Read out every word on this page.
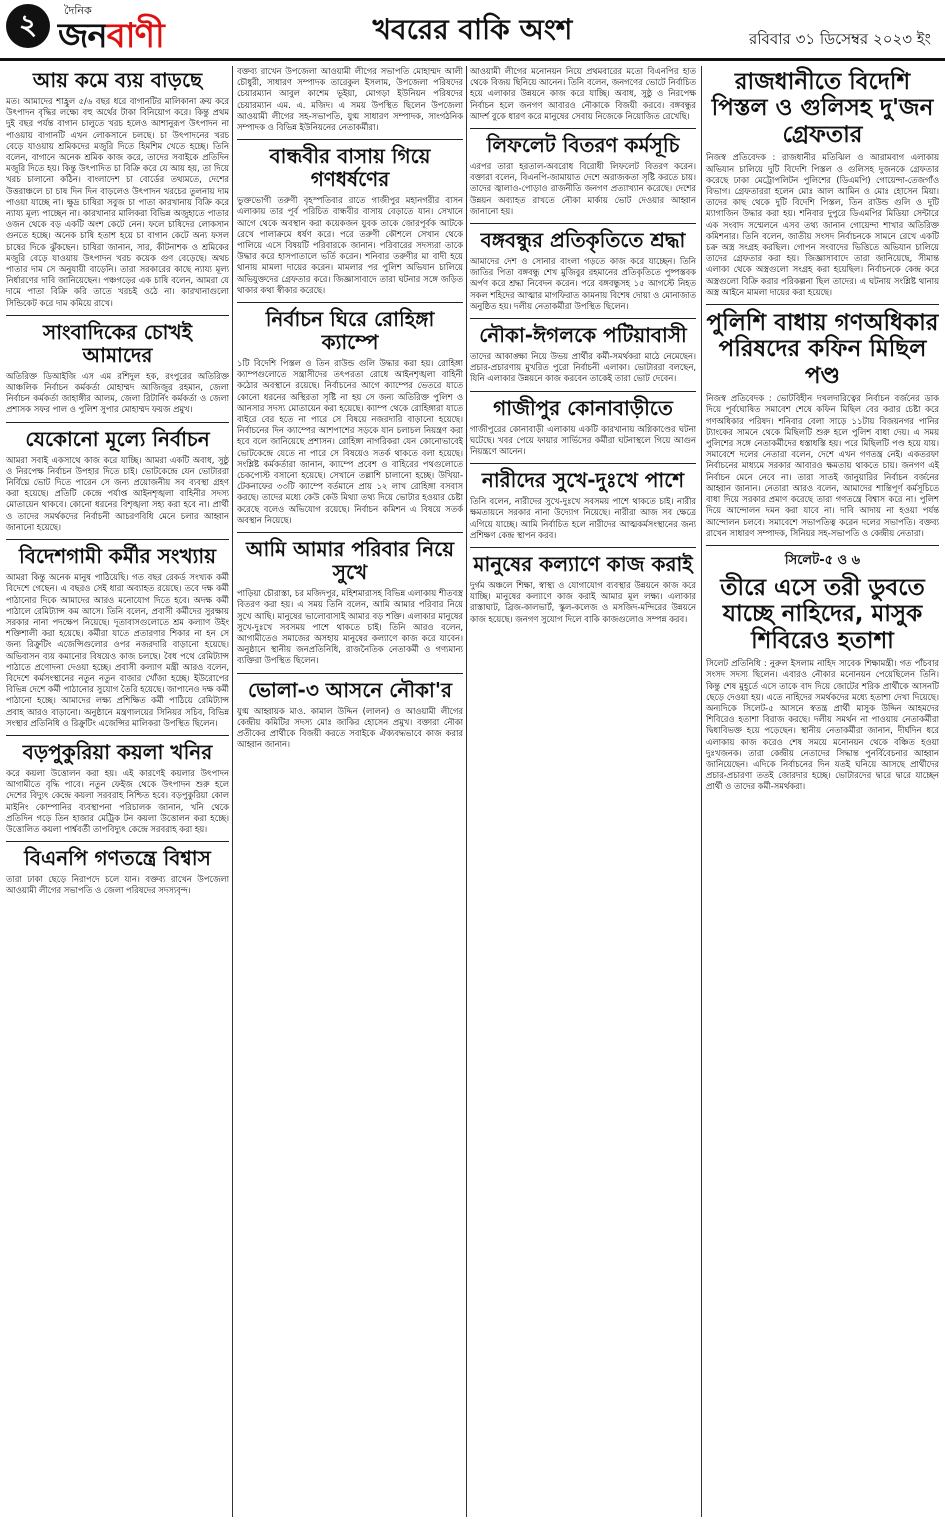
২	দৈনিক
জনবাণী	খবরের বাকি অংশ	রবিবার ৩১ ডিসেম্বর ২০২৩ ইং
আয় কমে ব্যয় বাড়ছে

মত। আমাদের শাহ্রুল ৫/৬ বছর ধরে বাগানটির মালিকানা ক্রয় করে উৎপাদন বৃদ্ধির লক্ষ্যে বহু অর্থের টাকা বিনিয়োগ করে। কিন্তু প্রথম দুই বছর পর্যন্ত বাগান চালুতে খরচ হলেও আশানুরূপ উৎপাদন না পাওয়ায় বাগানটি এখন লোকসানে চলছে। চা উৎপাদনের খরচ বেড়ে যাওয়ায় শ্রমিকদের মজুরি দিতে হিমশিম খেতে হচ্ছে। তিনি বলেন, বাগানে অনেক শ্রমিক কাজ করে, তাদের সবাইকে প্রতিদিন মজুরি দিতে হয়। কিন্তু উৎপাদিত চা বিক্রি করে যে আয় হয়, তা দিয়ে খরচ চালানো কঠিন। বাংলাদেশ চা বোর্ডের তথ্যমতে, দেশের উত্তরাঞ্চলে চা চাষ দিন দিন বাড়লেও উৎপাদন খরচের তুলনায় দাম পাওয়া যাচ্ছে না। ক্ষুদ্র চাষিরা সবুজ চা পাতা কারখানায় বিক্রি করে ন্যায্য মূল্য পাচ্ছেন না। কারখানার মালিকরা বিভিন্ন অজুহাতে পাতার ওজন থেকে বড় একটি অংশ কেটে নেন। ফলে চাষিদের লোকসান গুনতে হচ্ছে। অনেক চাষি হতাশ হয়ে চা বাগান কেটে অন্য ফসল চাষের দিকে ঝুঁকছেন। চাষিরা জানান, সার, কীটনাশক ও শ্রমিকের মজুরি বেড়ে যাওয়ায় উৎপাদন খরচ কয়েক গুণ বেড়েছে। অথচ পাতার দাম সে অনুযায়ী বাড়েনি। তারা সরকারের কাছে ন্যায্য মূল্য নির্ধারণের দাবি জানিয়েছেন। পঞ্চগড়ের এক চাষি বলেন, আমরা যে দামে পাতা বিক্রি করি তাতে খরচই ওঠে না। কারখানাগুলো সিন্ডিকেট করে দাম কমিয়ে রাখে।

সাংবাদিকের চোখই আমাদের

অতিরিক্ত ডিআইজি এস এম রশিদুল হক, রংপুরের অতিরিক্ত আঞ্চলিক নির্বাচন কর্মকর্তা মোহাম্মদ আজিজুর রহমান, জেলা নির্বাচন কর্মকর্তা জাহাঙ্গীর আলম, জেলা রিটার্নিং কর্মকর্তা ও জেলা প্রশাসক সফর পাল ও পুলিশ সুপার মোহাম্মদ ফয়জ প্রমুখ।

যেকোনো মূল্যে নির্বাচন

আমরা সবাই একসাথে কাজ করে যাচ্ছি। আমরা একটি অবাধ, সুষ্ঠু ও নিরপেক্ষ নির্বাচন উপহার দিতে চাই। ভোটকেন্দ্রে যেন ভোটাররা নির্বিঘ্নে ভোট দিতে পারেন সে জন্য প্রয়োজনীয় সব ব্যবস্থা গ্রহণ করা হয়েছে। প্রতিটি কেন্দ্রে পর্যাপ্ত আইনশৃঙ্খলা বাহিনীর সদস্য মোতায়েন থাকবে। কোনো ধরনের বিশৃঙ্খলা সহ্য করা হবে না। প্রার্থী ও তাদের সমর্থকদের নির্বাচনী আচরণবিধি মেনে চলার আহ্বান জানানো হয়েছে।

বিদেশগামী কর্মীর সংখ্যায়

আমরা কিন্তু অনেক মানুষ পাঠিয়েছি। গত বছর রেকর্ড সংখ্যক কর্মী বিদেশে গেছেন। এ বছরও সেই ধারা অব্যাহত রয়েছে। তবে দক্ষ কর্মী পাঠানোর দিকে আমাদের আরও মনোযোগ দিতে হবে। অদক্ষ কর্মী পাঠালে রেমিট্যান্স কম আসে। তিনি বলেন, প্রবাসী কর্মীদের সুরক্ষায় সরকার নানা পদক্ষেপ নিয়েছে। দূতাবাসগুলোতে শ্রম কল্যাণ উইং শক্তিশালী করা হয়েছে। কর্মীরা যাতে প্রতারণার শিকার না হন সে জন্য রিক্রুটিং এজেন্সিগুলোর ওপর নজরদারি বাড়ানো হয়েছে। অভিবাসন ব্যয় কমানোর বিষয়েও কাজ চলছে। বৈধ পথে রেমিট্যান্স পাঠাতে প্রণোদনা দেওয়া হচ্ছে। প্রবাসী কল্যাণ মন্ত্রী আরও বলেন, বিদেশে কর্মসংস্থানের নতুন নতুন বাজার খোঁজা হচ্ছে। ইউরোপের বিভিন্ন দেশে কর্মী পাঠানোর সুযোগ তৈরি হয়েছে। জাপানেও দক্ষ কর্মী পাঠানো হচ্ছে। আমাদের লক্ষ্য প্রশিক্ষিত কর্মী পাঠিয়ে রেমিট্যান্স প্রবাহ আরও বাড়ানো। অনুষ্ঠানে মন্ত্রণালয়ের সিনিয়র সচিব, বিভিন্ন সংস্থার প্রতিনিধি ও রিক্রুটিং এজেন্সির মালিকরা উপস্থিত ছিলেন।

বড়পুকুরিয়া কয়লা খনির

করে কয়লা উত্তোলন করা হয়। এই কারণেই কয়লার উৎপাদন আগামীতে বৃদ্ধি পাবে। নতুন ফেইজ থেকে উৎপাদন শুরু হলে দেশের বিদ্যুৎ কেন্দ্রে কয়লা সরবরাহ নিশ্চিত হবে। বড়পুকুরিয়া কোল মাইনিং কোম্পানির ব্যবস্থাপনা পরিচালক জানান, খনি থেকে প্রতিদিন গড়ে তিন হাজার মেট্রিক টন কয়লা উত্তোলন করা হচ্ছে। উত্তোলিত কয়লা পার্শ্ববর্তী তাপবিদ্যুৎ কেন্দ্রে সরবরাহ করা হয়।

বিএনপি গণতন্ত্রে বিশ্বাস

তারা ঢাকা ছেড়ে নিরাপদে চলে যান। বক্তব্য রাখেন উপজেলা আওয়ামী লীগের সভাপতি ও জেলা পরিষদের সদস্যবৃন্দ।

বক্তব্য রাখেন উপজেলা আওয়ামী লীগের সভাপতি মোহাম্মদ আলী চৌধুরী, সাধারণ সম্পাদক তারেকুল ইসলাম, উপজেলা পরিষদের চেয়ারম্যান আবুল কাশেম ভূইয়া, মোগড়া ইউনিয়ন পরিষদের চেয়ারম্যান এম. এ. মজিদ। এ সময় উপস্থিত ছিলেন উপজেলা আওয়ামী লীগের সহ-সভাপতি, যুগ্ম সাধারণ সম্পাদক, সাংগঠনিক সম্পাদক ও বিভিন্ন ইউনিয়নের নেতাকর্মীরা।

বান্ধবীর বাসায় গিয়ে গণধর্ষণের

ভুক্তভোগী তরুণী বৃহস্পতিবার রাতে গাজীপুর মহানগরীর বাসন এলাকায় তার পূর্ব পরিচিত বান্ধবীর বাসায় বেড়াতে যান। সেখানে আগে থেকে অবস্থান করা কয়েকজন যুবক তাকে জোরপূর্বক আটকে রেখে পালাক্রমে ধর্ষণ করে। পরে তরুণী কৌশলে সেখান থেকে পালিয়ে এসে বিষয়টি পরিবারকে জানান। পরিবারের সদস্যরা তাকে উদ্ধার করে হাসপাতালে ভর্তি করেন। শনিবার তরুণীর মা বাদী হয়ে থানায় মামলা দায়ের করেন। মামলার পর পুলিশ অভিযান চালিয়ে অভিযুক্তদের গ্রেফতার করে। জিজ্ঞাসাবাদে তারা ঘটনার সঙ্গে জড়িত থাকার কথা স্বীকার করেছে।

নির্বাচন ঘিরে রোহিঙ্গা ক্যাম্পে

১টি বিদেশি পিস্তল ও তিন রাউন্ড গুলি উদ্ধার করা হয়। রোহিঙ্গা ক্যাম্পগুলোতে সন্ত্রাসীদের তৎপরতা রোধে আইনশৃঙ্খলা বাহিনী কঠোর অবস্থানে রয়েছে। নির্বাচনের আগে ক্যাম্পের ভেতরে যাতে কোনো ধরনের অস্থিরতা সৃষ্টি না হয় সে জন্য অতিরিক্ত পুলিশ ও আনসার সদস্য মোতায়েন করা হয়েছে। ক্যাম্প থেকে রোহিঙ্গারা যাতে বাইরে বের হতে না পারে সে বিষয়ে নজরদারি বাড়ানো হয়েছে। নির্বাচনের দিন ক্যাম্পের আশপাশের সড়কে যান চলাচল নিয়ন্ত্রণ করা হবে বলে জানিয়েছে প্রশাসন। রোহিঙ্গা নাগরিকরা যেন কোনোভাবেই ভোটকেন্দ্রে যেতে না পারে সে বিষয়েও সতর্ক থাকতে বলা হয়েছে। সংশ্লিষ্ট কর্মকর্তারা জানান, ক্যাম্পে প্রবেশ ও বাহিরের পথগুলোতে চেকপোস্ট বসানো হয়েছে। সেখানে তল্লাশি চালানো হচ্ছে। উখিয়া-টেকনাফের ৩৩টি ক্যাম্পে বর্তমানে প্রায় ১২ লাখ রোহিঙ্গা বসবাস করছে। তাদের মধ্যে কেউ কেউ মিথ্যা তথ্য দিয়ে ভোটার হওয়ার চেষ্টা করেছে বলেও অভিযোগ রয়েছে। নির্বাচন কমিশন এ বিষয়ে সতর্ক অবস্থান নিয়েছে।

আমি আমার পরিবার নিয়ে সুখে

পাড়িয়া চৌরাস্তা, চর মজিদপুর, মহিশমারাসহ বিভিন্ন এলাকায় শীতবস্ত্র বিতরণ করা হয়। এ সময় তিনি বলেন, আমি আমার পরিবার নিয়ে সুখে আছি। মানুষের ভালোবাসাই আমার বড় শক্তি। এলাকার মানুষের সুখে-দুঃখে সবসময় পাশে থাকতে চাই। তিনি আরও বলেন, আগামীতেও সমাজের অসহায় মানুষের কল্যাণে কাজ করে যাবেন। অনুষ্ঠানে স্থানীয় জনপ্রতিনিধি, রাজনৈতিক নেতাকর্মী ও গণ্যমান্য ব্যক্তিরা উপস্থিত ছিলেন।

ভোলা-৩ আসনে নৌকা'র

যুগ্ম আহ্বায়ক মাও. কামাল উদ্দিন (লালন) ও আওয়ামী লীগের কেন্দ্রীয় কমিটির সদস্য মোঃ জাকির হোসেন প্রমুখ। বক্তারা নৌকা প্রতীকের প্রার্থীকে বিজয়ী করতে সবাইকে ঐক্যবদ্ধভাবে কাজ করার আহ্বান জানান।

আওয়ামী লীগের মনোনয়ন নিয়ে প্রথমবারের মতো বিএনপির হাত থেকে বিজয় ছিনিয়ে আনেন। তিনি বলেন, জনগণের ভোটে নির্বাচিত হয়ে এলাকার উন্নয়নে কাজ করে যাচ্ছি। অবাধ, সুষ্ঠু ও নিরপেক্ষ নির্বাচন হলে জনগণ আবারও নৌকাকে বিজয়ী করবে। বঙ্গবন্ধুর আদর্শ বুকে ধারণ করে মানুষের সেবায় নিজেকে নিয়োজিত রেখেছি।

লিফলেট বিতরণ কর্মসূচি

এরপর তারা হরতাল-অবরোধ বিরোধী লিফলেট বিতরণ করেন। বক্তারা বলেন, বিএনপি-জামায়াত দেশে অরাজকতা সৃষ্টি করতে চায়। তাদের জ্বালাও-পোড়াও রাজনীতি জনগণ প্রত্যাখ্যান করেছে। দেশের উন্নয়ন অব্যাহত রাখতে নৌকা মার্কায় ভোট দেওয়ার আহ্বান জানানো হয়।

বঙ্গবন্ধুর প্রতিকৃতিতে শ্রদ্ধা

আমাদের দেশ ও সোনার বাংলা গড়তে কাজ করে যাচ্ছেন। তিনি জাতির পিতা বঙ্গবন্ধু শেখ মুজিবুর রহমানের প্রতিকৃতিতে পুষ্পস্তবক অর্পণ করে শ্রদ্ধা নিবেদন করেন। পরে বঙ্গবন্ধুসহ ১৫ আগস্টে নিহত সকল শহিদের আত্মার মাগফিরাত কামনায় বিশেষ দোয়া ও মোনাজাত অনুষ্ঠিত হয়। দলীয় নেতাকর্মীরা উপস্থিত ছিলেন।

নৌকা-ঈগলকে পটিয়াবাসী

তাদের আকাঙ্ক্ষা নিয়ে উভয় প্রার্থীর কর্মী-সমর্থকরা মাঠে নেমেছেন। প্রচার-প্রচারণায় মুখরিত পুরো নির্বাচনী এলাকা। ভোটাররা বলছেন, যিনি এলাকার উন্নয়নে কাজ করবেন তাকেই তারা ভোট দেবেন।

গাজীপুর কোনাবাড়ীতে

গাজীপুরের কোনাবাড়ী এলাকায় একটি কারখানায় অগ্নিকাণ্ডের ঘটনা ঘটেছে। খবর পেয়ে ফায়ার সার্ভিসের কর্মীরা ঘটনাস্থলে গিয়ে আগুন নিয়ন্ত্রণে আনেন।

নারীদের সুখে-দুঃখে পাশে

তিনি বলেন, নারীদের সুখে-দুঃখে সবসময় পাশে থাকতে চাই। নারীর ক্ষমতায়নে সরকার নানা উদ্যোগ নিয়েছে। নারীরা আজ সব ক্ষেত্রে এগিয়ে যাচ্ছে। আমি নির্বাচিত হলে নারীদের আত্মকর্মসংস্থানের জন্য প্রশিক্ষণ কেন্দ্র স্থাপন করব।

মানুষের কল্যাণে কাজ করাই

দুর্গম অঞ্চলে শিক্ষা, স্বাস্থ্য ও যোগাযোগ ব্যবস্থার উন্নয়নে কাজ করে যাচ্ছি। মানুষের কল্যাণে কাজ করাই আমার মূল লক্ষ্য। এলাকার রাস্তাঘাট, ব্রিজ-কালভার্ট, স্কুল-কলেজ ও মসজিদ-মন্দিরের উন্নয়নে কাজ হয়েছে। জনগণ সুযোগ দিলে বাকি কাজগুলোও সম্পন্ন করব।

রাজধানীতে বিদেশি পিস্তল ও গুলিসহ দু'জন গ্রেফতার

নিজস্ব প্রতিবেদক : রাজধানীর মতিঝিল ও আরামবাগ এলাকায় অভিযান চালিয়ে দুটি বিদেশি পিস্তল ও গুলিসহ দুজনকে গ্রেফতার করেছে ঢাকা মেট্রোপলিটন পুলিশের (ডিএমপি) গোয়েন্দা-তেজগাঁও বিভাগ। গ্রেফতাররা হলেন মোঃ আল আমিন ও মোঃ হোসেন মিয়া। তাদের কাছ থেকে দুটি বিদেশি পিস্তল, তিন রাউন্ড গুলি ও দুটি ম্যাগাজিন উদ্ধার করা হয়। শনিবার দুপুরে ডিএমপির মিডিয়া সেন্টারে এক সংবাদ সম্মেলনে এসব তথ্য জানান গোয়েন্দা শাখার অতিরিক্ত কমিশনার। তিনি বলেন, জাতীয় সংসদ নির্বাচনকে সামনে রেখে একটি চক্র অস্ত্র সংগ্রহ করছিল। গোপন সংবাদের ভিত্তিতে অভিযান চালিয়ে তাদের গ্রেফতার করা হয়। জিজ্ঞাসাবাদে তারা জানিয়েছে, সীমান্ত এলাকা থেকে অস্ত্রগুলো সংগ্রহ করা হয়েছিল। নির্বাচনকে কেন্দ্র করে অস্ত্রগুলো বিক্রি করার পরিকল্পনা ছিল তাদের। এ ঘটনায় সংশ্লিষ্ট থানায় অস্ত্র আইনে মামলা দায়ের করা হয়েছে।

পুলিশি বাধায় গণঅধিকার পরিষদের কফিন মিছিল পণ্ড

নিজস্ব প্রতিবেদক : ভোটবিহীন দখলদারিত্বের নির্বাচন বর্জনের ডাক দিয়ে পূর্বঘোষিত সমাবেশ শেষে কফিন মিছিল বের করার চেষ্টা করে গণঅধিকার পরিষদ। শনিবার বেলা সাড়ে ১১টায় বিজয়নগর পানির ট্যাংকের সামনে থেকে মিছিলটি শুরু হলে পুলিশ বাধা দেয়। এ সময় পুলিশের সঙ্গে নেতাকর্মীদের ধস্তাধস্তি হয়। পরে মিছিলটি পণ্ড হয়ে যায়। সমাবেশে দলের নেতারা বলেন, দেশে এখন গণতন্ত্র নেই। একতরফা নির্বাচনের মাধ্যমে সরকার আবারও ক্ষমতায় থাকতে চায়। জনগণ এই নির্বাচন মেনে নেবে না। তারা সাতই জানুয়ারির নির্বাচন বর্জনের আহ্বান জানান। নেতারা আরও বলেন, আমাদের শান্তিপূর্ণ কর্মসূচিতে বাধা দিয়ে সরকার প্রমাণ করেছে তারা গণতন্ত্রে বিশ্বাস করে না। পুলিশ দিয়ে আন্দোলন দমন করা যাবে না। দাবি আদায় না হওয়া পর্যন্ত আন্দোলন চলবে। সমাবেশে সভাপতিত্ব করেন দলের সভাপতি। বক্তব্য রাখেন সাধারণ সম্পাদক, সিনিয়র সহ-সভাপতি ও কেন্দ্রীয় নেতারা।

সিলেট-৫ ও ৬
তীরে এসে তরী ডুবতে যাচ্ছে নাহিদের, মাসুক শিবিরেও হতাশা

সিলেট প্রতিনিধি : নুরুল ইসলাম নাহিদ সাবেক শিক্ষামন্ত্রী। গত পাঁচবার সংসদ সদস্য ছিলেন। এবারও নৌকার মনোনয়ন পেয়েছিলেন তিনি। কিন্তু শেষ মুহূর্তে এসে তাকে বাদ দিয়ে জোটের শরিক প্রার্থীকে আসনটি ছেড়ে দেওয়া হয়। এতে নাহিদের সমর্থকদের মধ্যে হতাশা দেখা দিয়েছে। অন্যদিকে সিলেট-৫ আসনে স্বতন্ত্র প্রার্থী মাসুক উদ্দিন আহমদের শিবিরেও হতাশা বিরাজ করছে। দলীয় সমর্থন না পাওয়ায় নেতাকর্মীরা দ্বিধাবিভক্ত হয়ে পড়েছেন। স্থানীয় নেতাকর্মীরা জানান, দীর্ঘদিন ধরে এলাকায় কাজ করেও শেষ সময়ে মনোনয়ন থেকে বঞ্চিত হওয়া দুঃখজনক। তারা কেন্দ্রীয় নেতাদের সিদ্ধান্ত পুনর্বিবেচনার আহ্বান জানিয়েছেন। এদিকে নির্বাচনের দিন যতই ঘনিয়ে আসছে প্রার্থীদের প্রচার-প্রচারণা ততই জোরদার হচ্ছে। ভোটারদের দ্বারে দ্বারে যাচ্ছেন প্রার্থী ও তাদের কর্মী-সমর্থকরা।
